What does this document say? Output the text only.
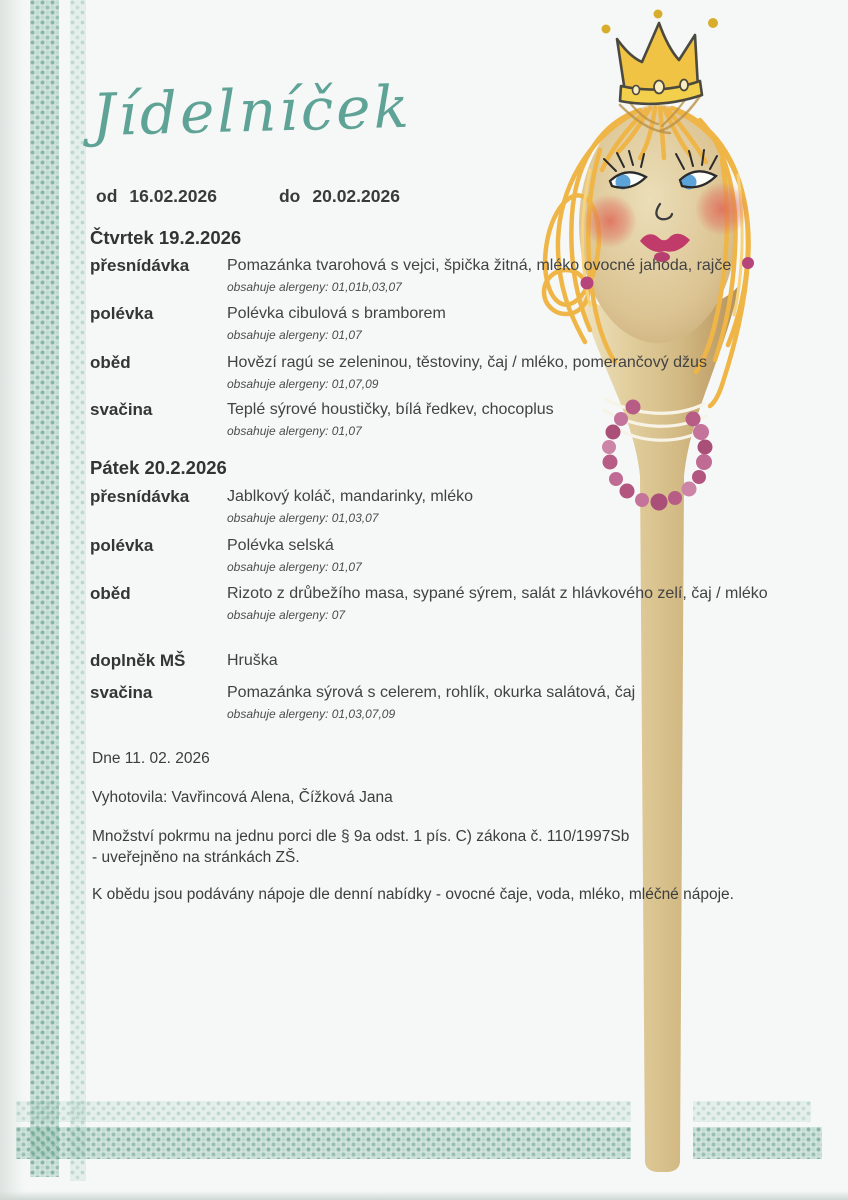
Jídelníček
od 16.02.2026	do 20.02.2026
Čtvrtek 19.2.2026
přesnídávka	Pomazánka tvarohová s vejci, špička žitná, mléko ovocné jahoda, rajče
obsahuje alergeny: 01,01b,03,07
polévka	Polévka cibulová s bramborem
obsahuje alergeny: 01,07
oběd	Hovězí ragú se zeleninou, těstoviny, čaj / mléko, pomerančový džus
obsahuje alergeny: 01,07,09
svačina	Teplé sýrové houstičky, bílá ředkev, chocoplus
obsahuje alergeny: 01,07
Pátek 20.2.2026
přesnídávka	Jablkový koláč, mandarinky, mléko
obsahuje alergeny: 01,03,07
polévka	Polévka selská
obsahuje alergeny: 01,07
oběd	Rizoto z drůbežího masa, sypané sýrem, salát z hlávkového zelí, čaj / mléko
obsahuje alergeny: 07
doplněk MŠ	Hruška
svačina	Pomazánka sýrová s celerem, rohlík, okurka salátová, čaj
obsahuje alergeny: 01,03,07,09
Dne 11. 02. 2026
Vyhotovila: Vavřincová Alena, Čížková Jana
Množství pokrmu na jednu porci dle § 9a odst. 1 pís. C) zákona č. 110/1997Sb
- uveřejněno na stránkách ZŠ.
K obědu jsou podávány nápoje dle denní nabídky - ovocné čaje, voda, mléko, mléčné nápoje.
